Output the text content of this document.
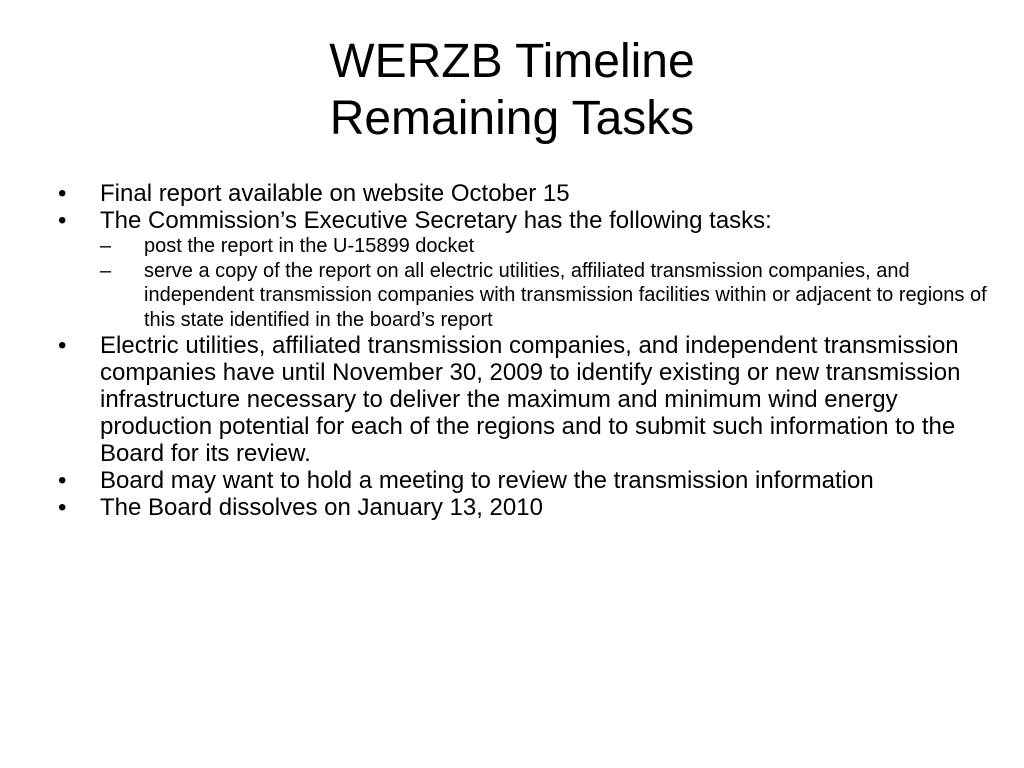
WERZB Timeline
Remaining Tasks
•	Final report available on website October 15
•	The Commission’s Executive Secretary has the following tasks:
– post the report in the U-15899 docket
– serve a copy of the report on all electric utilities, affiliated transmission companies, and independent transmission companies with transmission facilities within or adjacent to regions of this state identified in the board’s report
•	Electric utilities, affiliated transmission companies, and independent transmission companies have until November 30, 2009 to identify existing or new transmission infrastructure necessary to deliver the maximum and minimum wind energy production potential for each of the regions and to submit such information to the Board for its review.
•	Board may want to hold a meeting to review the transmission information
•	The Board dissolves on January 13, 2010
